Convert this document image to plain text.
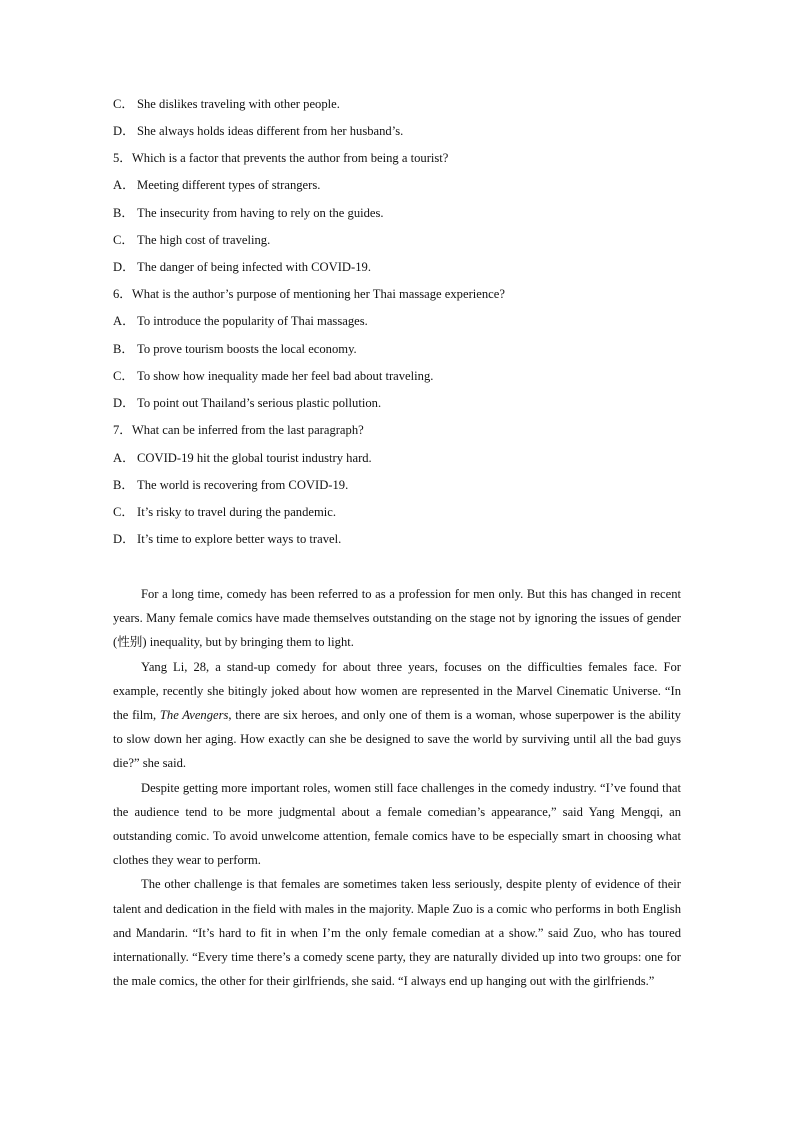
C． She dislikes traveling with other people.
D． She always holds ideas different from her husband’s.
5．Which is a factor that prevents the author from being a tourist?
A． Meeting different types of strangers.
B． The insecurity from having to rely on the guides.
C． The high cost of traveling.
D． The danger of being infected with COVID-19.
6．What is the author’s purpose of mentioning her Thai massage experience?
A． To introduce the popularity of Thai massages.
B． To prove tourism boosts the local economy.
C． To show how inequality made her feel bad about traveling.
D． To point out Thailand’s serious plastic pollution.
7．What can be inferred from the last paragraph?
A． COVID-19 hit the global tourist industry hard.
B． The world is recovering from COVID-19.
C． It’s risky to travel during the pandemic.
D． It’s time to explore better ways to travel.

For a long time, comedy has been referred to as a profession for men only. But this has changed in recent years. Many female comics have made themselves outstanding on the stage not by ignoring the issues of gender (性别) inequality, but by bringing them to light.

Yang Li, 28, a stand-up comedy for about three years, focuses on the difficulties females face. For example, recently she bitingly joked about how women are represented in the Marvel Cinematic Universe. “In the film, The Avengers, there are six heroes, and only one of them is a woman, whose superpower is the ability to slow down her aging. How exactly can she be designed to save the world by surviving until all the bad guys die?” she said.

Despite getting more important roles, women still face challenges in the comedy industry. “I’ve found that the audience tend to be more judgmental about a female comedian’s appearance,” said Yang Mengqi, an outstanding comic. To avoid unwelcome attention, female comics have to be especially smart in choosing what clothes they wear to perform.

The other challenge is that females are sometimes taken less seriously, despite plenty of evidence of their talent and dedication in the field with males in the majority. Maple Zuo is a comic who performs in both English and Mandarin. “It’s hard to fit in when I’m the only female comedian at a show.” said Zuo, who has toured internationally. “Every time there’s a comedy scene party, they are naturally divided up into two groups: one for the male comics, the other for their girlfriends, she said. “I always end up hanging out with the girlfriends.”
